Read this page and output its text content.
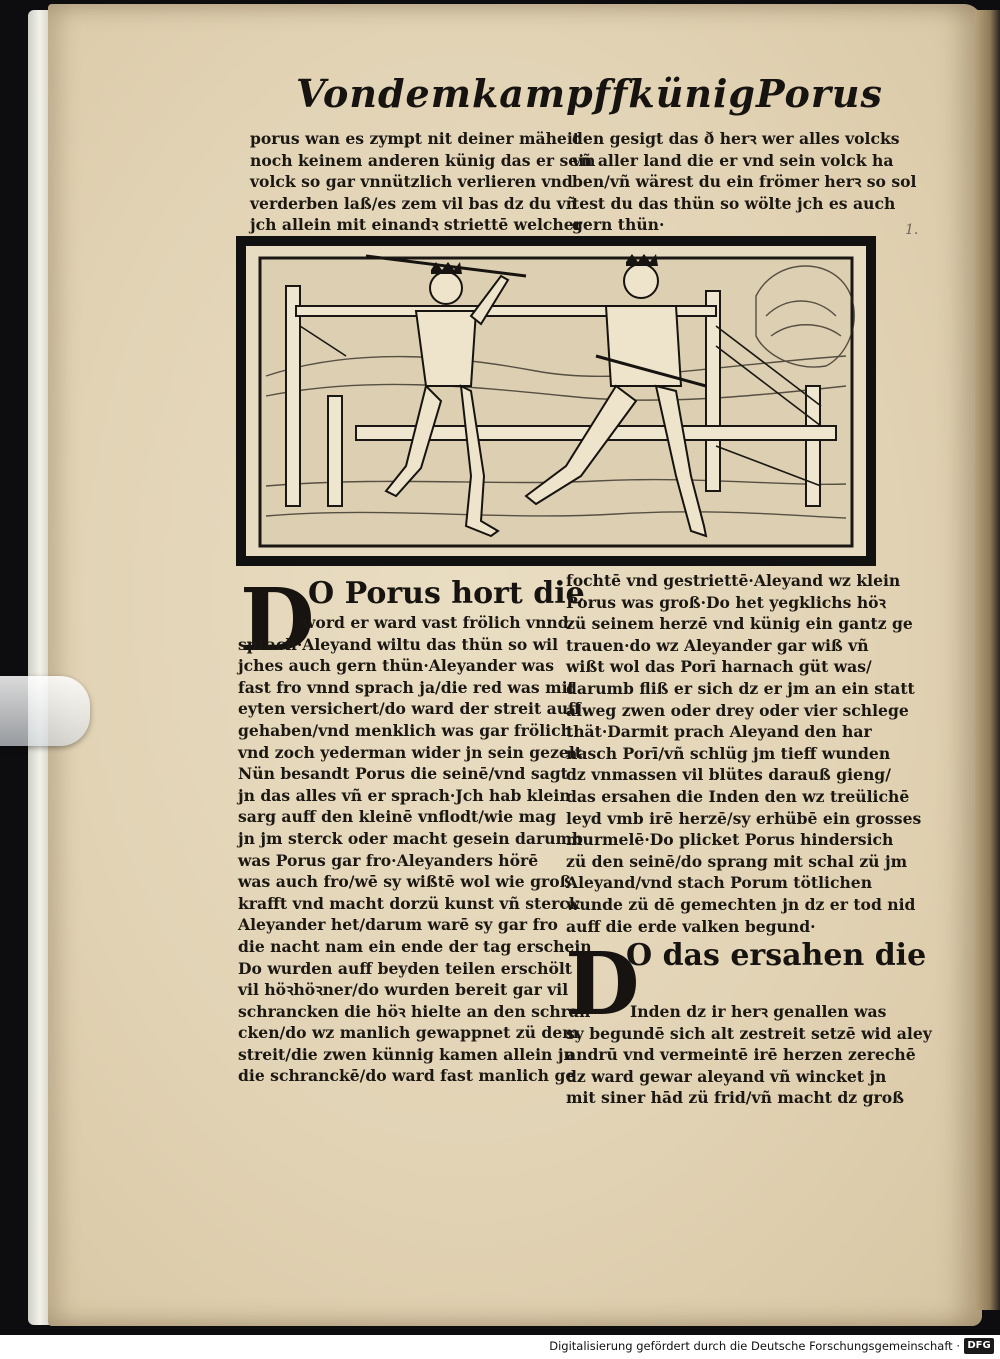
Von dem kampff künig Porus
porus wan es zympt nit deiner mäheit
noch keinem anderen künig das er sein
volck so gar vnnützlich verlieren vnd
verderben laß/es zem vil bas dz du vñ
jch allein mit einandꝛ striettē welcher
den gesigt das ð herꝛ wer alles volcks
vñ aller land die er vnd sein volck ha
ben/vñ wärest du ein frömer herꝛ so sol
test du das thün so wölte jch es auch
gern thün·	1.
D
O Porus hort die
word er ward vast frölich vnnd
sprach·Aleyand wiltu das thün so wil
jches auch gern thün·Aleyander was
fast fro vnnd sprach ja/die red was mit
eyten versichert/do ward der streit auff
gehaben/vnd menklich was gar frölich
vnd zoch yederman wider jn sein gezelt·
Nün besandt Porus die seinē/vnd sagt
jn das alles vñ er sprach·Jch hab klein
sarg auff den kleinē vnflodt/wie mag
jn jm sterck oder macht gesein darumb
was Porus gar fro·Aleyanders hörē
was auch fro/wē sy wißtē wol wie groß
krafft vnd macht dorzü kunst vñ sterck
Aleyander het/darum warē sy gar fro
die nacht nam ein ende der tag erschein
Do wurden auff beyden teilen erschölt
vil höꝛhöꝛner/do wurden bereit gar vil
schrancken die höꝛ hielte an den schran
cken/do wz manlich gewappnet zü dem
streit/die zwen künnig kamen allein jn
die schranckē/do ward fast manlich ge
fochtē vnd gestriettē·Aleyand wz klein
Porus was groß·Do het yegklichs höꝛ
zü seinem herzē vnd künig ein gantz ge
trauen·do wz Aleyander gar wiß vñ
wißt wol das Porī harnach güt was/
darumb fliß er sich dz er jm an ein statt
alweg zwen oder drey oder vier schlege
thät·Darmit prach Aleyand den har
nasch Porī/vñ schlüg jm tieff wunden
dz vnmassen vil blütes darauß gieng/
das ersahen die Inden den wz treülichē
leyd vmb irē herzē/sy erhübē ein grosses
murmelē·Do plicket Porus hindersich
zü den seinē/do sprang mit schal zü jm
Aleyand/vnd stach Porum tötlichen
wunde zü dē gemechten jn dz er tod nid
auff die erde valken begund·
Inden dz ir herꝛ genallen was
sy begundē sich alt zestreit setzē wid aley
andrū vnd vermeintē irē herzen zerechē
dz ward gewar aleyand vñ wincket jn
mit siner hād zü frid/vñ macht dz groß
D
O das ersahen die
Digitalisierung gefördert durch die Deutsche Forschungsgemeinschaft · DFG
